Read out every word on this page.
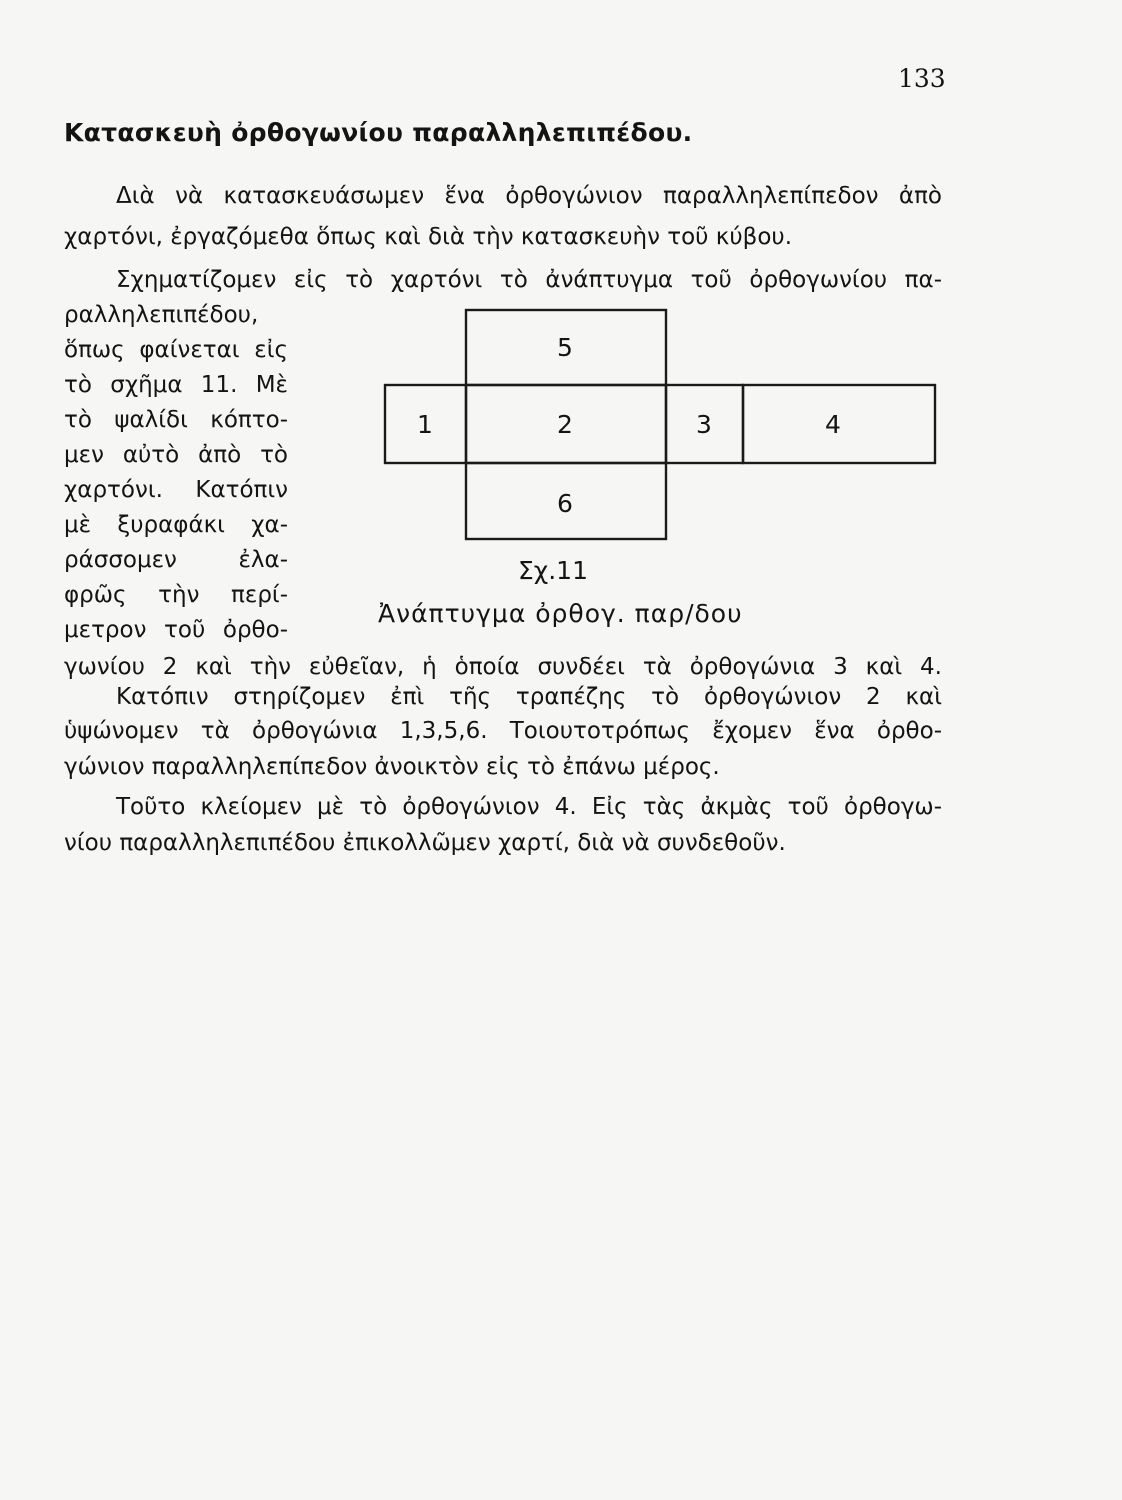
133
Κατασκευὴ ὀρθογωνίου παραλληλεπιπέδου.
Διὰ νὰ κατασκευάσωμεν ἕνα ὀρθογώνιον παραλληλεπίπεδον ἀπὸ
χαρτόνι, ἐργαζόμεθα ὅπως καὶ διὰ τὴν κατασκευὴν τοῦ κύβου.
Σχηματίζομεν εἰς τὸ χαρτόνι τὸ ἀνάπτυγμα τοῦ ὀρθογωνίου πα-
ραλληλεπιπέδου,
ὅπως φαίνεται εἰς
τὸ σχῆμα 11. Μὲ
τὸ ψαλίδι κόπτο-
μεν αὐτὸ ἀπὸ τὸ
χαρτόνι. Κατόπιν
μὲ ξυραφάκι χα-
ράσσομεν ἐλα-
φρῶς τὴν περί-
μετρον τοῦ ὀρθο-
γωνίου 2 καὶ τὴν εὐθεῖαν, ἡ ὁποία συνδέει τὰ ὀρθογώνια 3 καὶ 4.
5
1	2	3	4
6
Σχ.11
Ἀνάπτυγμα ὀρθογ. παρ/δου
Κατόπιν στηρίζομεν ἐπὶ τῆς τραπέζης τὸ ὀρθογώνιον 2 καὶ
ὑψώνομεν τὰ ὀρθογώνια 1,3,5,6. Τοιουτοτρόπως ἔχομεν ἕνα ὀρθο-
γώνιον παραλληλεπίπεδον ἀνοικτὸν εἰς τὸ ἐπάνω μέρος.
Τοῦτο κλείομεν μὲ τὸ ὀρθογώνιον 4. Εἰς τὰς ἀκμὰς τοῦ ὀρθογω-
νίου παραλληλεπιπέδου ἐπικολλῶμεν χαρτί, διὰ νὰ συνδεθοῦν.
